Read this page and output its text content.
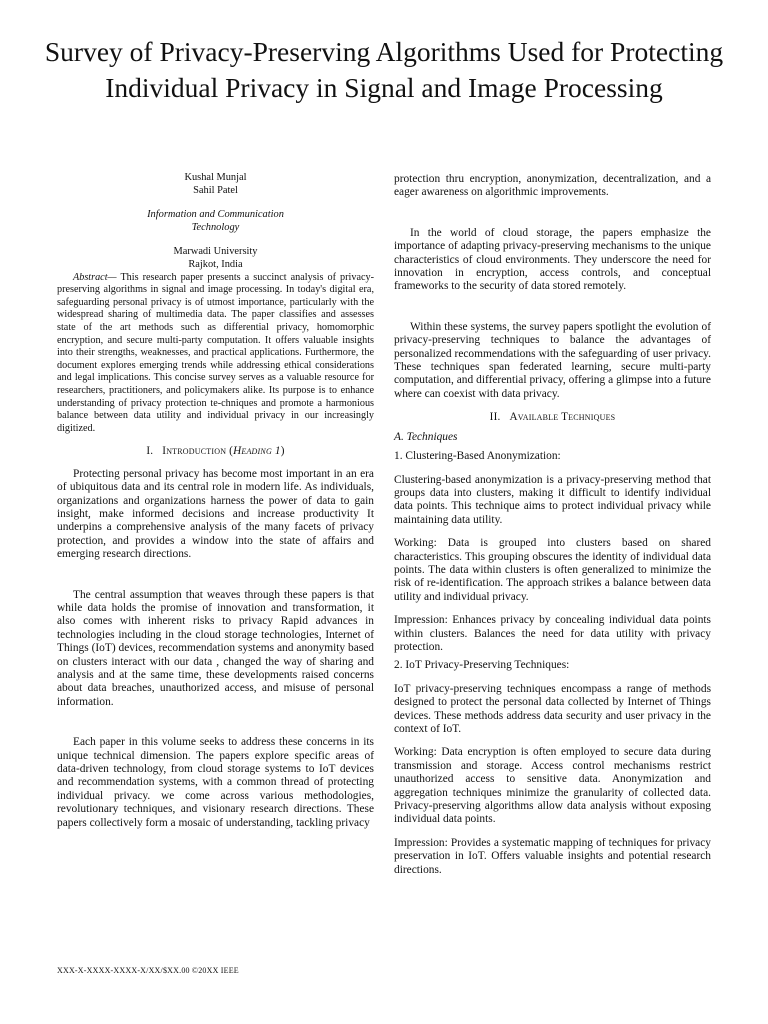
Survey of Privacy-Preserving Algorithms Used for Protecting Individual Privacy in Signal and Image Processing

Kushal Munjal

Sahil Patel

Information and Communication

Technology

Marwadi University

Rajkot, India

Abstract— This research paper presents a succinct analysis of privacy-preserving algorithms in signal and image processing. In today's digital era, safeguarding personal privacy is of utmost importance, particularly with the widespread sharing of multimedia data. The paper classifies and assesses state of the art methods such as differential privacy, homomorphic encryption, and secure multi-party computation. It offers valuable insights into their strengths, weaknesses, and practical applications. Furthermore, the document explores emerging trends while addressing ethical considerations and legal implications. This concise survey serves as a valuable resource for researchers, practitioners, and policymakers alike. Its purpose is to enhance understanding of privacy protection te-chniques and promote a harmonious balance between data utility and individual privacy in our increasingly digitized.

I. Introduction (Heading 1)

Protecting personal privacy has become most important in an era of ubiquitous data and its central role in modern life. As individuals, organizations and organizations harness the power of data to gain insight, make informed decisions and increase productivity It underpins a comprehensive analysis of the many facets of privacy protection, and provides a window into the state of affairs and emerging research directions.

The central assumption that weaves through these papers is that while data holds the promise of innovation and transformation, it also comes with inherent risks to privacy Rapid advances in technologies including in the cloud storage technologies, Internet of Things (IoT) devices, recommendation systems and anonymity based on clusters interact with our data , changed the way of sharing and analysis and at the same time, these developments raised concerns about data breaches, unauthorized access, and misuse of personal information.

Each paper in this volume seeks to address these concerns in its unique technical dimension. The papers explore specific areas of data-driven technology, from cloud storage systems to IoT devices and recommendation systems, with a common thread of protecting individual privacy. we come across various methodologies, revolutionary techniques, and visionary research directions. These papers collectively form a mosaic of understanding, tackling privacy

protection thru encryption, anonymization, decentralization, and a eager awareness on algorithmic improvements.

In the world of cloud storage, the papers emphasize the importance of adapting privacy-preserving mechanisms to the unique characteristics of cloud environments. They underscore the need for innovation in encryption, access controls, and conceptual frameworks to the security of data stored remotely.

Within these systems, the survey papers spotlight the evolution of privacy-preserving techniques to balance the advantages of personalized recommendations with the safeguarding of user privacy. These techniques span federated learning, secure multi-party computation, and differential privacy, offering a glimpse into a future where can coexist with data privacy.

II. Available Techniques
A. Techniques

1. Clustering-Based Anonymization:

Clustering-based anonymization is a privacy-preserving method that groups data into clusters, making it difficult to identify individual data points. This technique aims to protect individual privacy while maintaining data utility.

Working: Data is grouped into clusters based on shared characteristics. This grouping obscures the identity of individual data points. The data within clusters is often generalized to minimize the risk of re-identification. The approach strikes a balance between data utility and individual privacy.

Impression: Enhances privacy by concealing individual data points within clusters. Balances the need for data utility with privacy protection.

2. IoT Privacy-Preserving Techniques:

IoT privacy-preserving techniques encompass a range of methods designed to protect the personal data collected by Internet of Things devices. These methods address data security and user privacy in the context of IoT.

Working: Data encryption is often employed to secure data during transmission and storage. Access control mechanisms restrict unauthorized access to sensitive data. Anonymization and aggregation techniques minimize the granularity of collected data. Privacy-preserving algorithms allow data analysis without exposing individual data points.

Impression: Provides a systematic mapping of techniques for privacy preservation in IoT. Offers valuable insights and potential research directions.

XXX-X-XXXX-XXXX-X/XX/$XX.00 ©20XX IEEE
